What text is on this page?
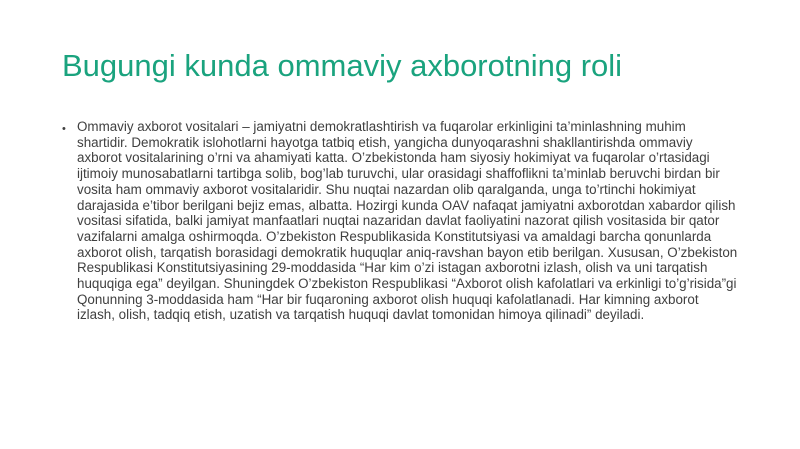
Bugungi kunda ommaviy axborotning roli
• Ommaviy axborot vositalari – jamiyatni demokratlashtirish va fuqarolar erkinligini ta’minlashning muhim shartidir. Demokratik islohotlarni hayotga tatbiq etish, yangicha dunyoqarashni shakllantirishda ommaviy axborot vositalarining o’rni va ahamiyati katta. O’zbekistonda ham siyosiy hokimiyat va fuqarolar o’rtasidagi ijtimoiy munosabatlarni tartibga solib, bog’lab turuvchi, ular orasidagi shaffoflikni ta’minlab beruvchi birdan bir vosita ham ommaviy axborot vositalaridir. Shu nuqtai nazardan olib qaralganda, unga to’rtinchi hokimiyat darajasida e’tibor berilgani bejiz emas, albatta. Hozirgi kunda OAV nafaqat jamiyatni axborotdan xabardor qilish vositasi sifatida, balki jamiyat manfaatlari nuqtai nazaridan davlat faoliyatini nazorat qilish vositasida bir qator vazifalarni amalga oshirmoqda. O’zbekiston Respublikasida Konstitutsiyasi va amaldagi barcha qonunlarda axborot olish, tarqatish borasidagi demokratik huquqlar aniq-ravshan bayon etib berilgan. Xususan, O’zbekiston Respublikasi Konstitutsiyasining 29-moddasida “Har kim o’zi istagan axborotni izlash, olish va uni tarqatish huquqiga ega” deyilgan. Shuningdek O’zbekiston Respublikasi “Axborot olish kafolatlari va erkinligi to’g’risida”gi Qonunning 3-moddasida ham “Har bir fuqaroning axborot olish huquqi kafolatlanadi. Har kimning axborot izlash, olish, tadqiq etish, uzatish va tarqatish huquqi davlat tomonidan himoya qilinadi” deyiladi.
